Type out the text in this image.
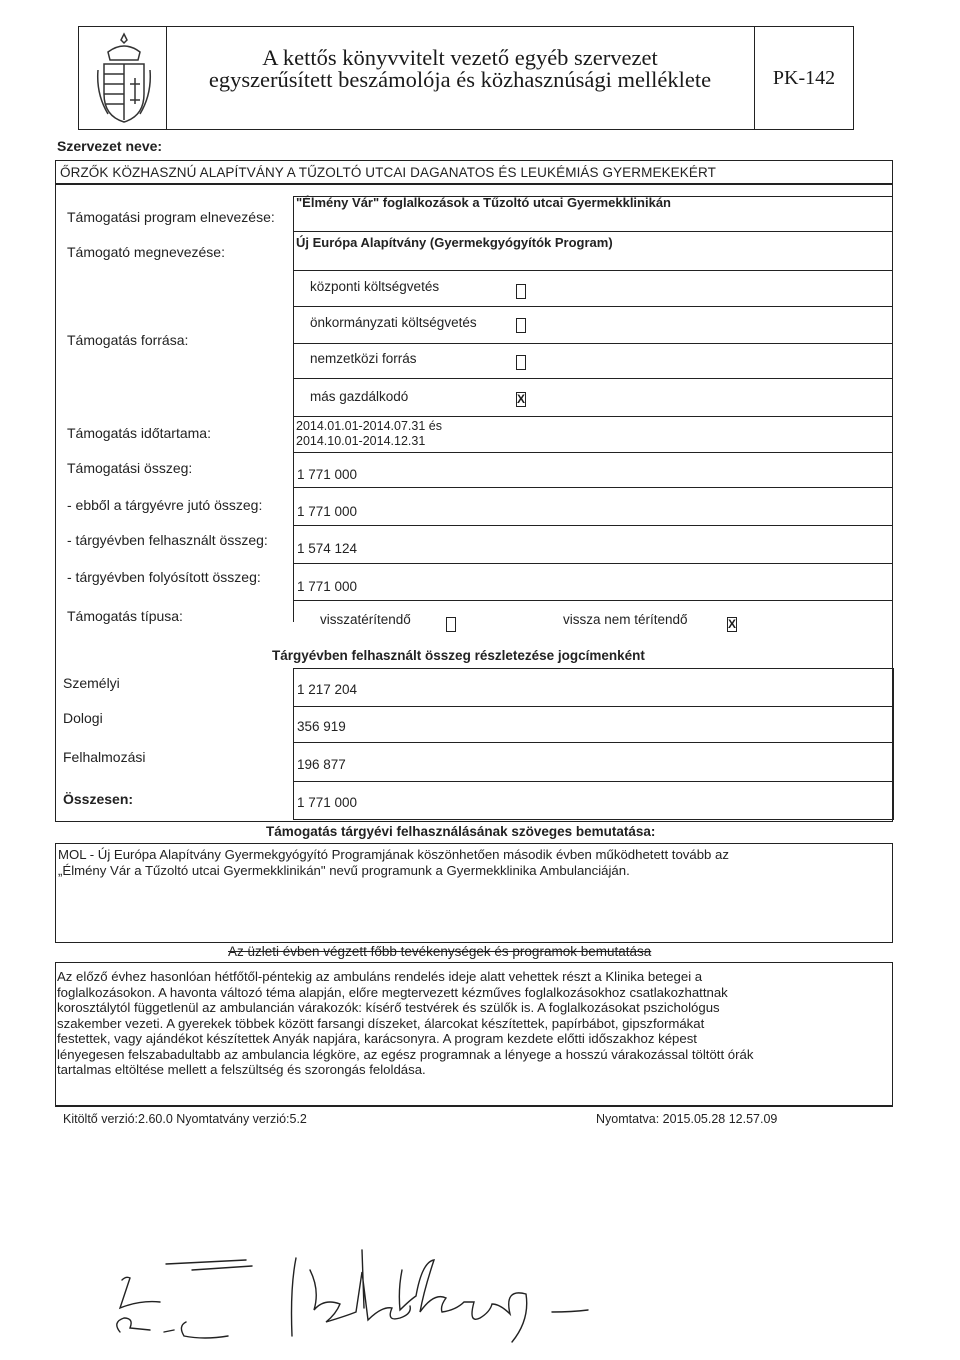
A kettős könyvvitelt vezető egyéb szervezet
egyszerűsített beszámolója és közhasznúsági melléklete	PK-142
Szervezet neve:
ŐRZŐK KÖZHASZNÚ ALAPÍTVÁNY A TŰZOLTÓ UTCAI DAGANATOS ÉS LEUKÉMIÁS GYERMEKEKÉRT
Támogatási program elnevezése:
"Élmény Vár" foglalkozások a Tűzoltó utcai Gyermekklinikán
Támogató megnevezése:
Új Európa Alapítvány (Gyermekgyógyítók Program)
Támogatás forrása:
központi költségvetés
önkormányzati költségvetés
nemzetközi forrás
más gazdálkodó	X
Támogatás időtartama:	2014.01.01-2014.07.31 és
2014.10.01-2014.12.31
Támogatási összeg:	1 771 000
- ebből a tárgyévre jutó összeg:	1 771 000
- tárgyévben felhasznált összeg:
1 574 124
- tárgyévben folyósított összeg:
1 771 000
Támogatás típusa:	visszatérítendő	vissza nem térítendő	X
Tárgyévben felhasznált összeg részletezése jogcímenként
Személyi	1 217 204
Dologi
356 919
Felhalmozási	196 877
Összesen:	1 771 000
Támogatás tárgyévi felhasználásának szöveges bemutatása:
MOL - Új Európa Alapítvány Gyermekgyógyító Programjának köszönhetően második évben működhetett tovább az
„Élmény Vár a Tűzoltó utcai Gyermekklinikán" nevű programunk a Gyermekklinika Ambulanciáján.
Az üzleti évben végzett főbb tevékenységek és programok bemutatása
Az előző évhez hasonlóan hétfőtől-péntekig az ambuláns rendelés ideje alatt vehettek részt a Klinika betegei a
foglalkozásokon. A havonta változó téma alapján, előre megtervezett kézműves foglalkozásokhoz csatlakozhattnak
korosztálytól függetlenül az ambulancián várakozók: kísérő testvérek és szülők is. A foglalkozásokat pszichológus
szakember vezeti. A gyerekek többek között farsangi díszeket, álarcokat készítettek, papírbábot, gipszformákat
festettek, vagy ajándékot készítettek Anyák napjára, karácsonyra. A program kezdete előtti időszakhoz képest
lényegesen felszabadultabb az ambulancia légköre, az egész programnak a lényege a hosszú várakozással töltött órák
tartalmas eltöltése mellett a felszültség és szorongás feloldása.
Kitöltő verzió:2.60.0 Nyomtatvány verzió:5.2	Nyomtatva: 2015.05.28 12.57.09
